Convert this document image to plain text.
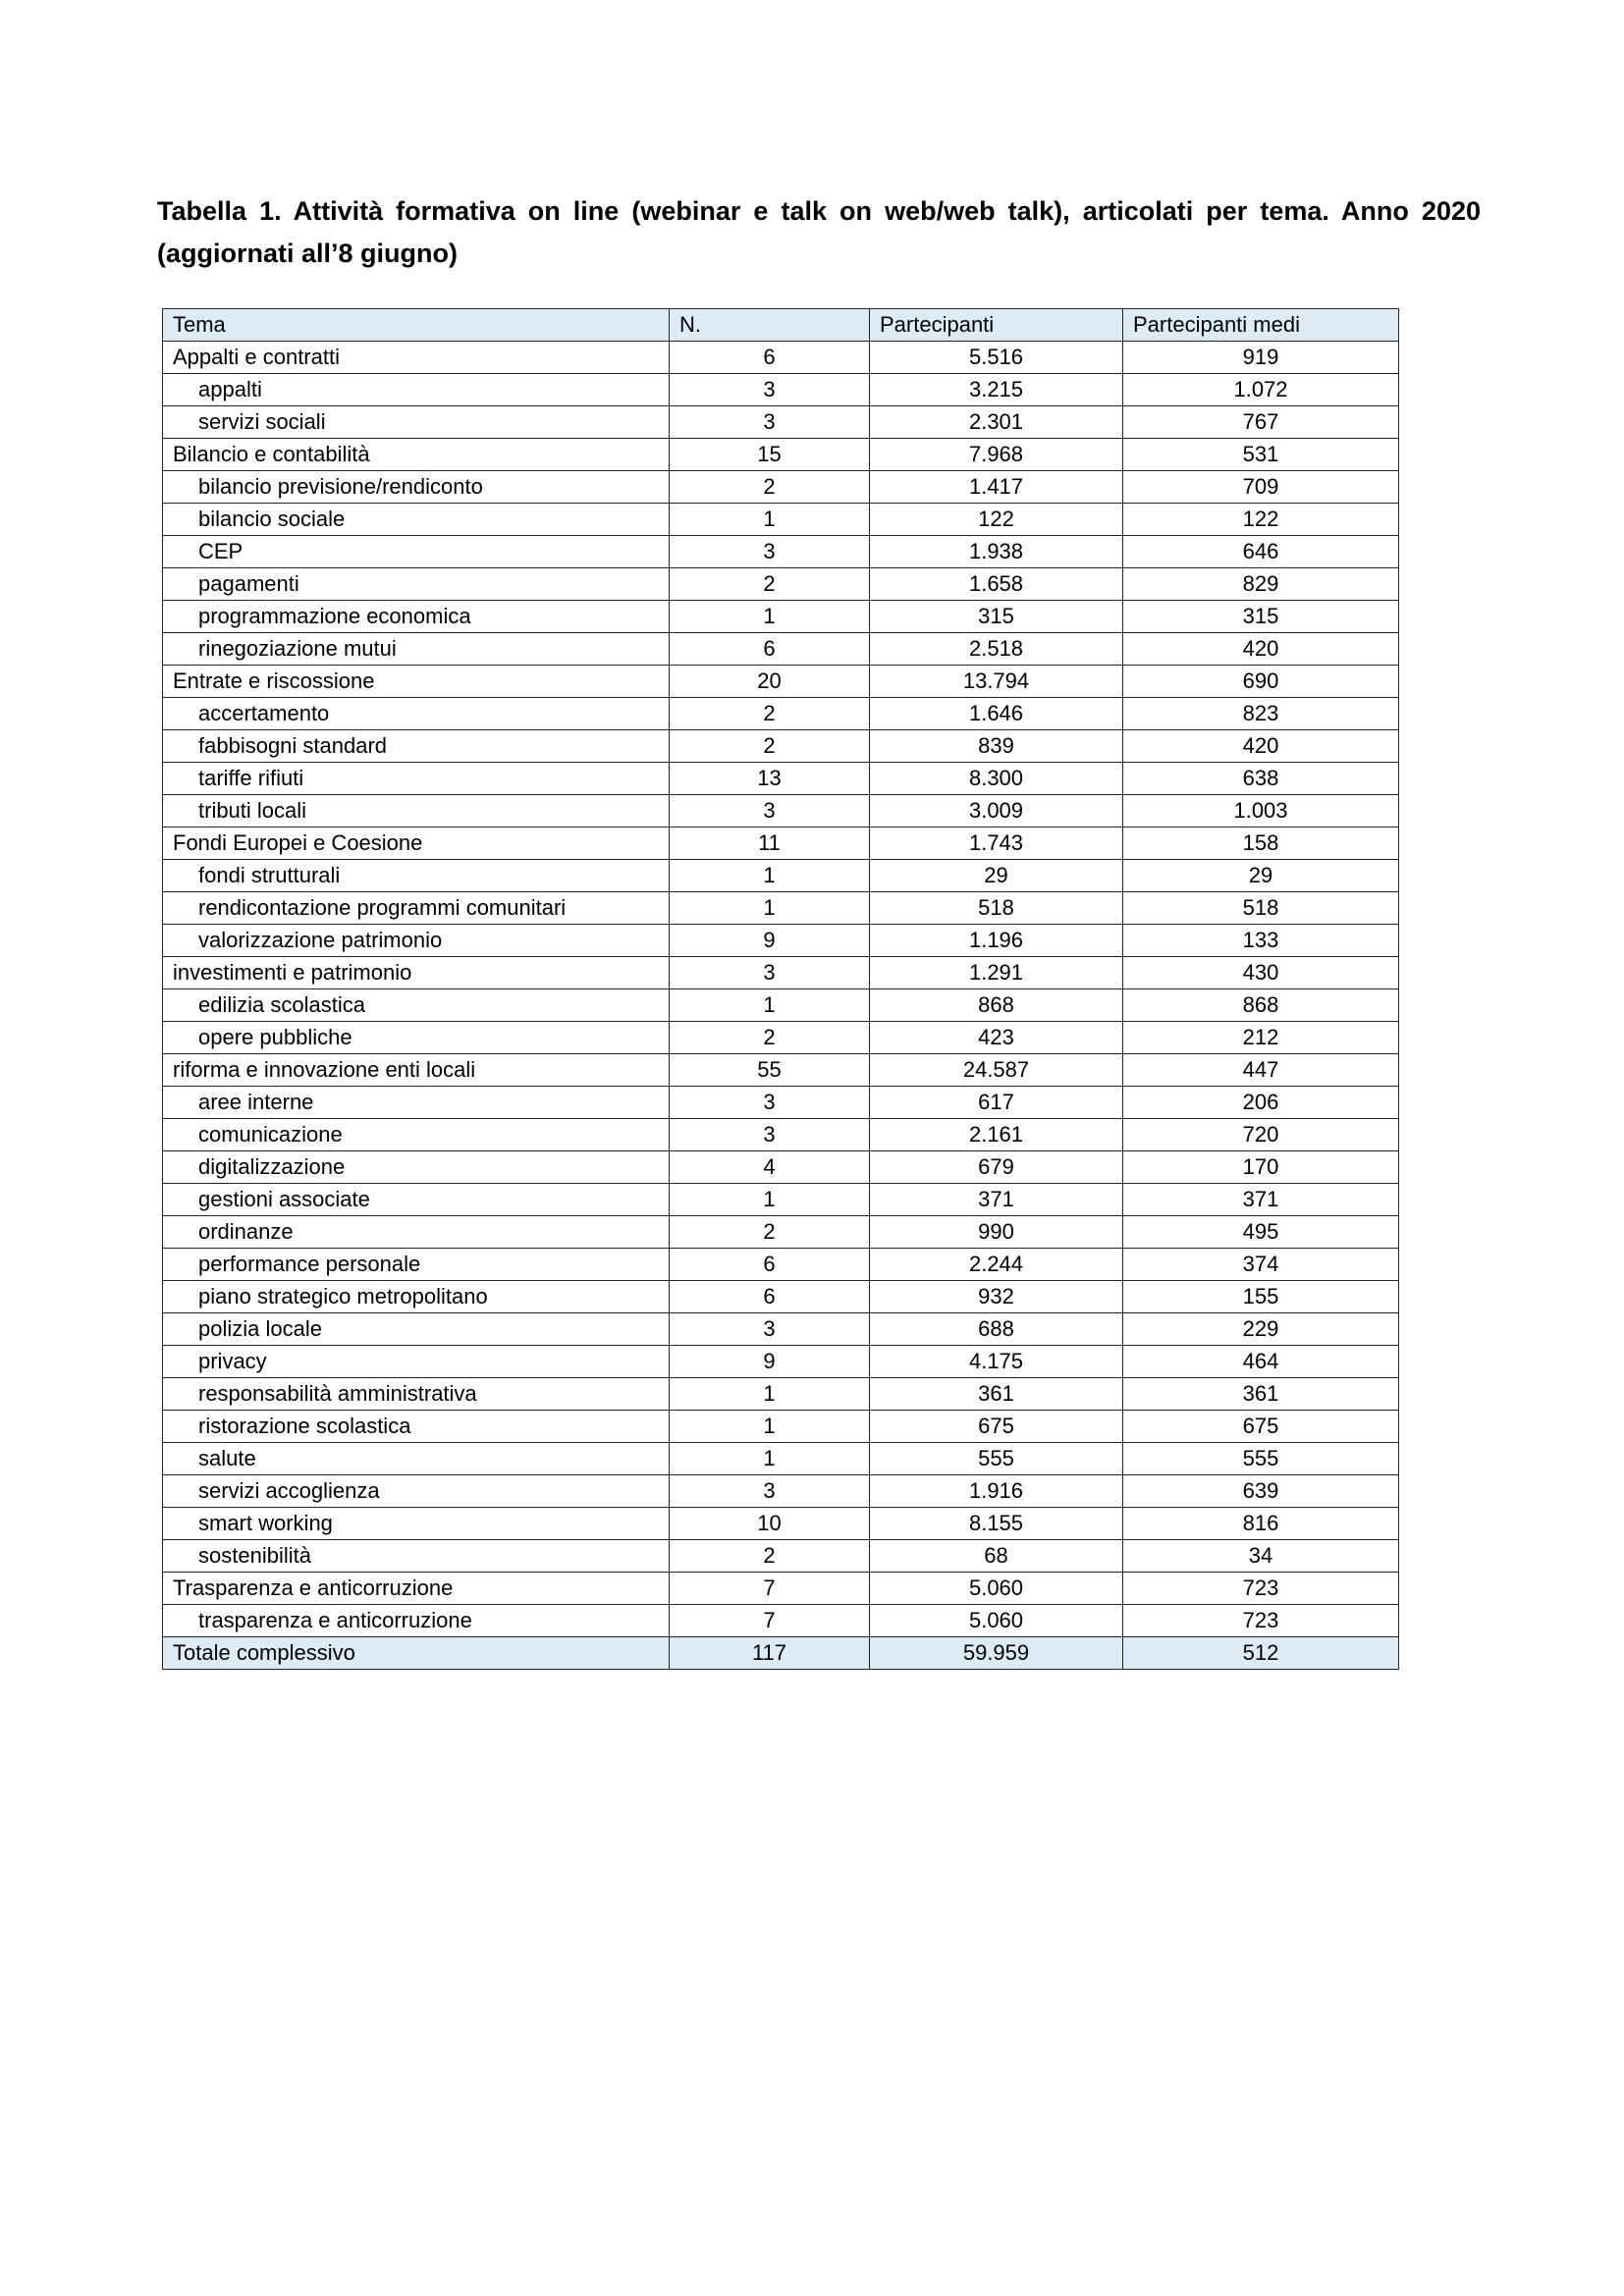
Tabella 1. Attività formativa on line (webinar e talk on web/web talk), articolati per tema. Anno 2020 (aggiornati all’8 giugno)
Tema	N.	Partecipanti	Partecipanti medi
Appalti e contratti	6	5.516	919
appalti	3	3.215	1.072
servizi sociali	3	2.301	767
Bilancio e contabilità	15	7.968	531
bilancio previsione/rendiconto	2	1.417	709
bilancio sociale	1	122	122
CEP	3	1.938	646
pagamenti	2	1.658	829
programmazione economica	1	315	315
rinegoziazione mutui	6	2.518	420
Entrate e riscossione	20	13.794	690
accertamento	2	1.646	823
fabbisogni standard	2	839	420
tariffe rifiuti	13	8.300	638
tributi locali	3	3.009	1.003
Fondi Europei e Coesione	11	1.743	158
fondi strutturali	1	29	29
rendicontazione programmi comunitari	1	518	518
valorizzazione patrimonio	9	1.196	133
investimenti e patrimonio	3	1.291	430
edilizia scolastica	1	868	868
opere pubbliche	2	423	212
riforma e innovazione enti locali	55	24.587	447
aree interne	3	617	206
comunicazione	3	2.161	720
digitalizzazione	4	679	170
gestioni associate	1	371	371
ordinanze	2	990	495
performance personale	6	2.244	374
piano strategico metropolitano	6	932	155
polizia locale	3	688	229
privacy	9	4.175	464
responsabilità amministrativa	1	361	361
ristorazione scolastica	1	675	675
salute	1	555	555
servizi accoglienza	3	1.916	639
smart working	10	8.155	816
sostenibilità	2	68	34
Trasparenza e anticorruzione	7	5.060	723
trasparenza e anticorruzione	7	5.060	723
Totale complessivo	117	59.959	512
